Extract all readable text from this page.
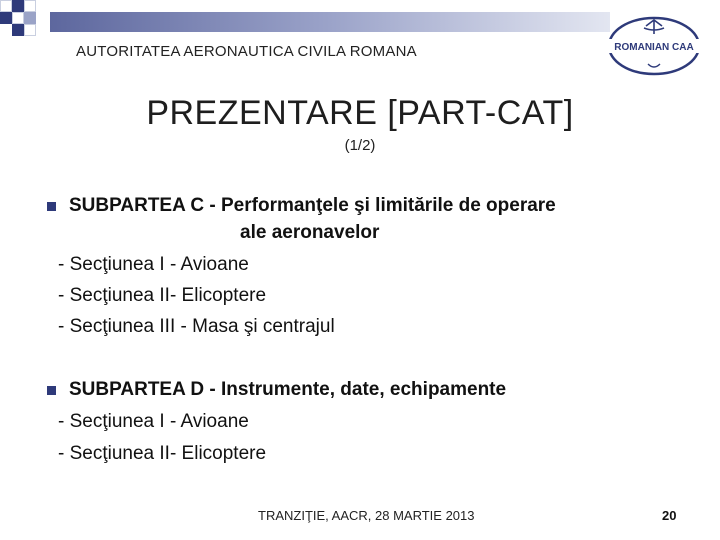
AUTORITATEA AERONAUTICA CIVILA ROMANA	ROMANIAN CAA
PREZENTARE [PART-CAT]
(1/2)
SUBPARTEA C - Performanţele şi limitările de operare
ale aeronavelor
- Secţiunea I - Avioane
- Secţiunea II- Elicoptere
- Secţiunea III - Masa şi centrajul
SUBPARTEA D - Instrumente, date, echipamente
- Secţiunea I - Avioane
- Secţiunea II- Elicoptere
TRANZIŢIE, AACR, 28 MARTIE 2013	20
